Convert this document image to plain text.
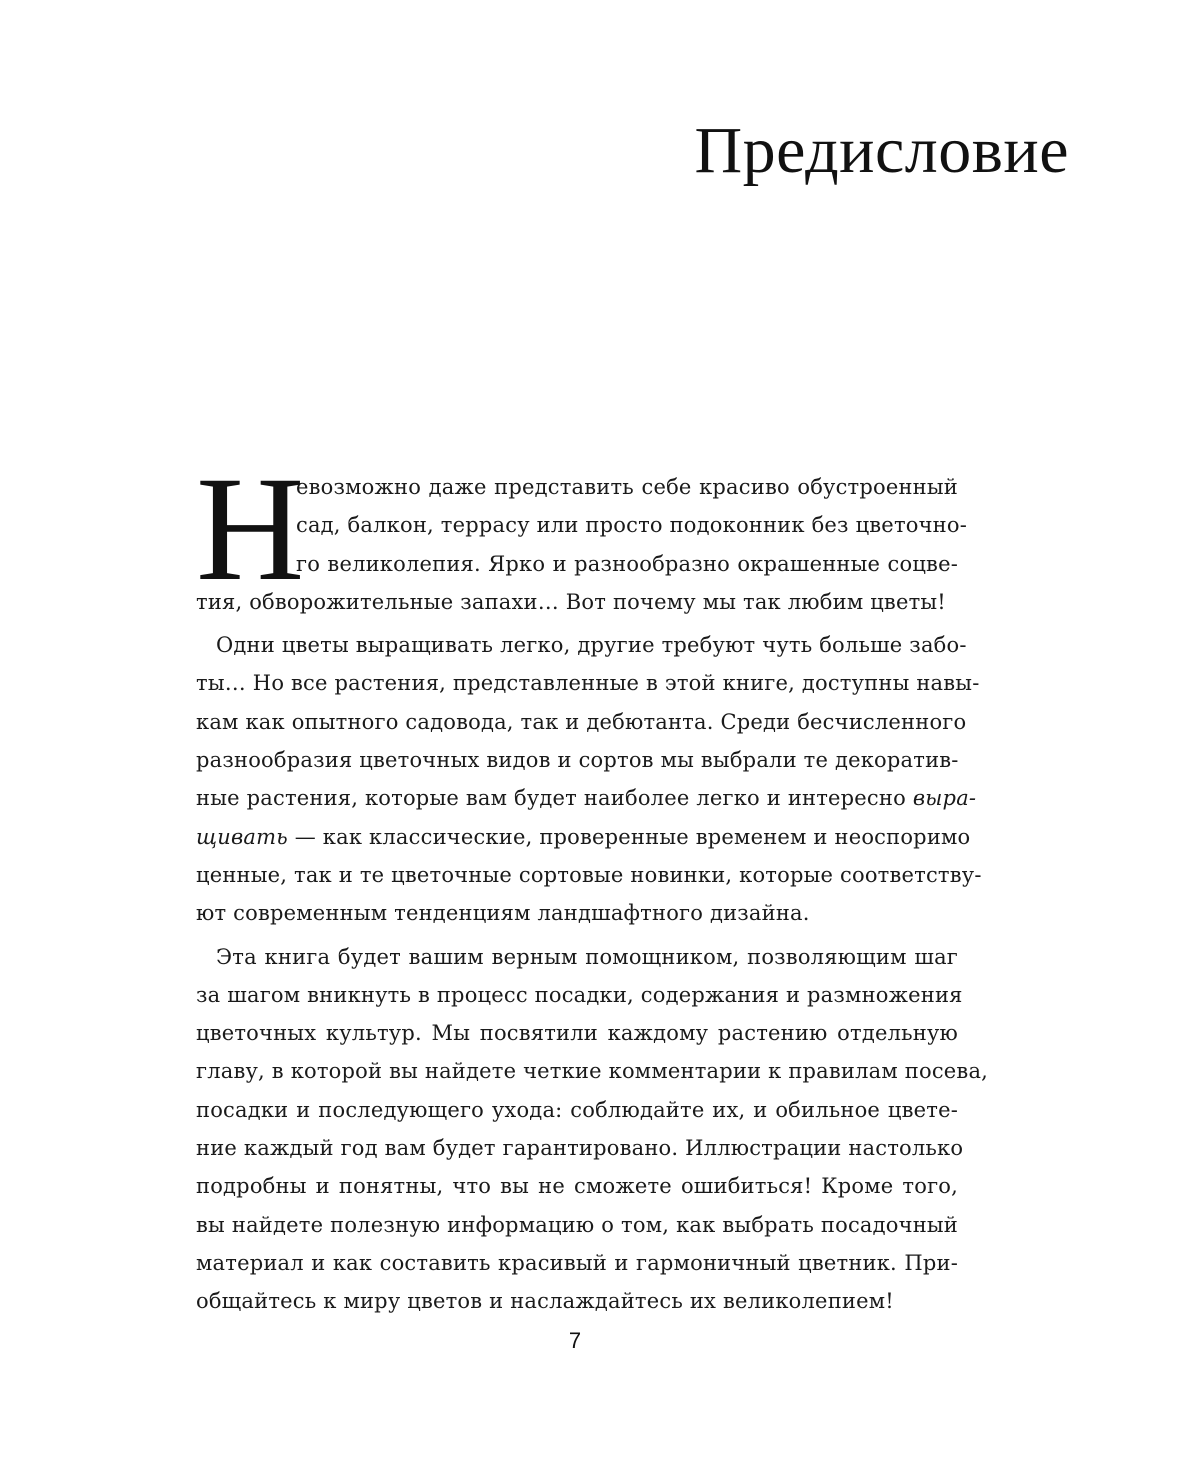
Предисловие
Н
евозможно даже представить себе красиво обустроенный
сад, балкон, террасу или просто подоконник без цветочно-
го великолепия. Ярко и разнообразно окрашенные соцве-
тия, обворожительные запахи… Вот почему мы так любим цветы!
Одни цветы выращивать легко, другие требуют чуть больше забо-
ты… Но все растения, представленные в этой книге, доступны навы-
кам как опытного садовода, так и дебютанта. Среди бесчисленного
разнообразия цветочных видов и сортов мы выбрали те декоратив-
ные растения, которые вам будет наиболее легко и интересно выра-
щивать — как классические, проверенные временем и неоспоримо
ценные, так и те цветочные сортовые новинки, которые соответству-
ют современным тенденциям ландшафтного дизайна.
Эта книга будет вашим верным помощником, позволяющим шаг
за шагом вникнуть в процесс посадки, содержания и размножения
цветочных культур. Мы посвятили каждому растению отдельную
главу, в которой вы найдете четкие комментарии к правилам посева,
посадки и последующего ухода: соблюдайте их, и обильное цвете-
ние каждый год вам будет гарантировано. Иллюстрации настолько
подробны и понятны, что вы не сможете ошибиться! Кроме того,
вы найдете полезную информацию о том, как выбрать посадочный
материал и как составить красивый и гармоничный цветник. При-
общайтесь к миру цветов и наслаждайтесь их великолепием!
7
